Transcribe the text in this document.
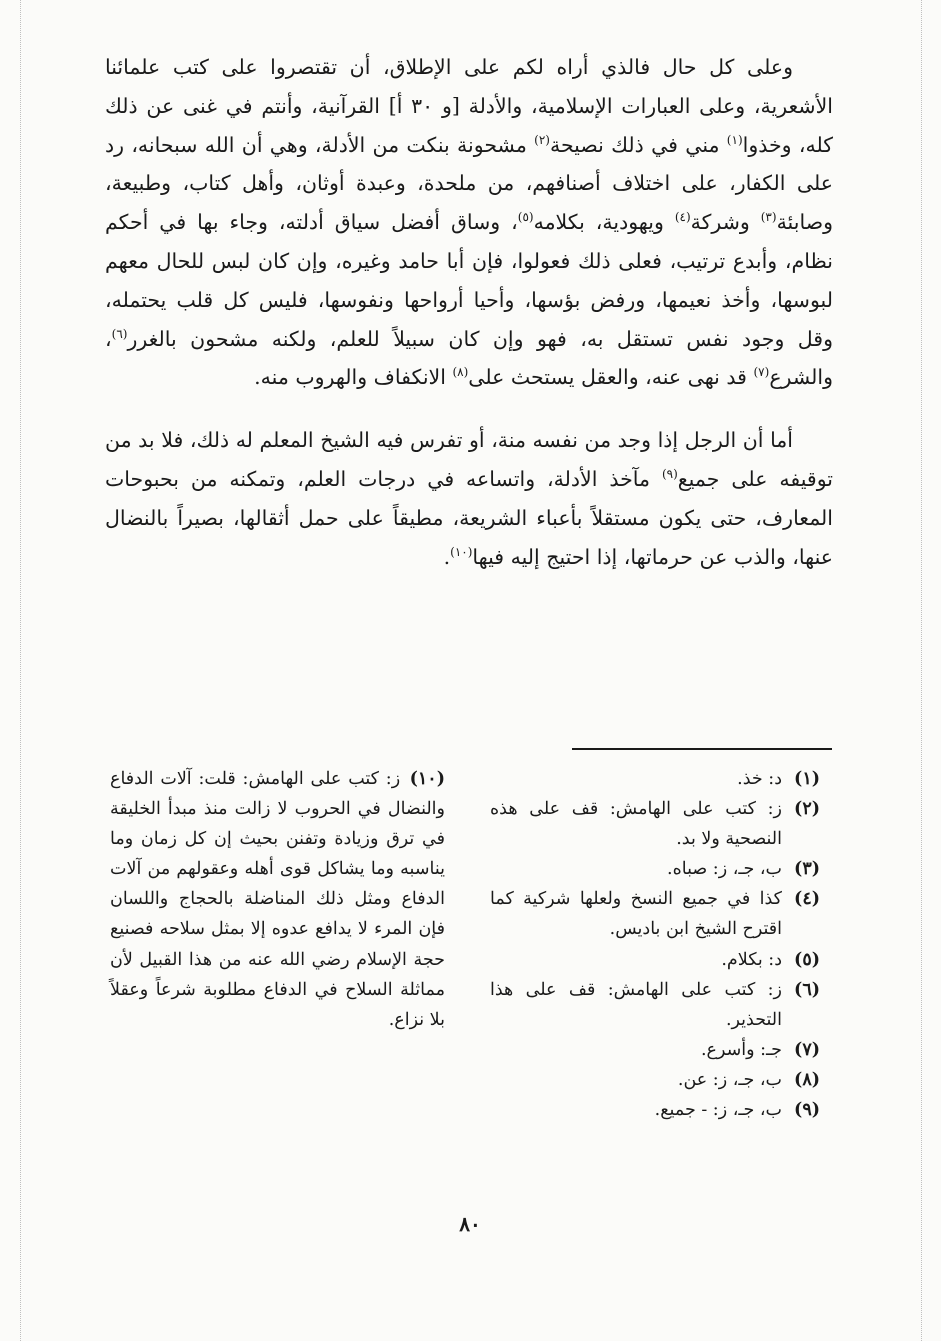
وعلى كل حال فالذي أراه لكم على الإطلاق، أن تقتصروا على كتب علمائنا الأشعرية، وعلى العبارات الإسلامية، والأدلة [و ٣٠ أ] القرآنية، وأنتم في غنى عن ذلك كله، وخذوا$^{(١)}$ مني في ذلك نصيحة$^{(٢)}$ مشحونة بنكت من الأدلة، وهي أن الله سبحانه، رد على الكفار، على اختلاف أصنافهم، من ملحدة، وعبدة أوثان، وأهل كتاب، وطبيعة، وصابئة$^{(٣)}$ وشركة$^{(٤)}$ ويهودية، بكلامه$^{(٥)}$، وساق أفضل سياق أدلته، وجاء بها في أحكم نظام، وأبدع ترتيب، فعلى ذلك فعولوا، فإن أبا حامد وغيره، وإن كان لبس للحال معهم لبوسها، وأخذ نعيمها، ورفض بؤسها، وأحيا أرواحها ونفوسها، فليس كل قلب يحتمله، وقل وجود نفس تستقل به، فهو وإن كان سبيلاً للعلم، ولكنه مشحون بالغرر$^{(٦)}$، والشرع$^{(٧)}$ قد نهى عنه، والعقل يستحث على$^{(٨)}$ الانكفاف والهروب منه.

أما أن الرجل إذا وجد من نفسه منة، أو تفرس فيه الشيخ المعلم له ذلك، فلا بد من توقيفه على جميع$^{(٩)}$ مآخذ الأدلة، واتساعه في درجات العلم، وتمكنه من بحبوحات المعارف، حتى يكون مستقلاً بأعباء الشريعة، مطيقاً على حمل أثقالها، بصيراً بالنضال عنها، والذب عن حرماتها، إذا احتيج إليه فيها$^{(١٠)}$.

(١)د: خذ.

(٢)ز: كتب على الهامش: قف على هذه النصحية ولا بد.

(٣)ب، جـ، ز: صباه.

(٤)كذا في جميع النسخ ولعلها شركية كما اقترح الشيخ ابن باديس.

(٥)د: بكلام.

(٦)ز: كتب على الهامش: قف على هذا التحذير.

(٧)جـ: وأسرع.

(٨)ب، جـ، ز: عن.

(٩)ب، جـ، ز: - جميع.

(١٠) ز: كتب على الهامش: قلت: آلات الدفاع والنضال في الحروب لا زالت منذ مبدأ الخليقة في ترق وزيادة وتفنن بحيث إن كل زمان وما يناسبه وما يشاكل قوى أهله وعقولهم من آلات الدفاع ومثل ذلك المناضلة بالحجاج واللسان فإن المرء لا يدافع عدوه إلا بمثل سلاحه فصنيع حجة الإسلام رضي الله عنه من هذا القبيل لأن مماثلة السلاح في الدفاع مطلوبة شرعاً وعقلاً بلا نزاع.

٨٠
